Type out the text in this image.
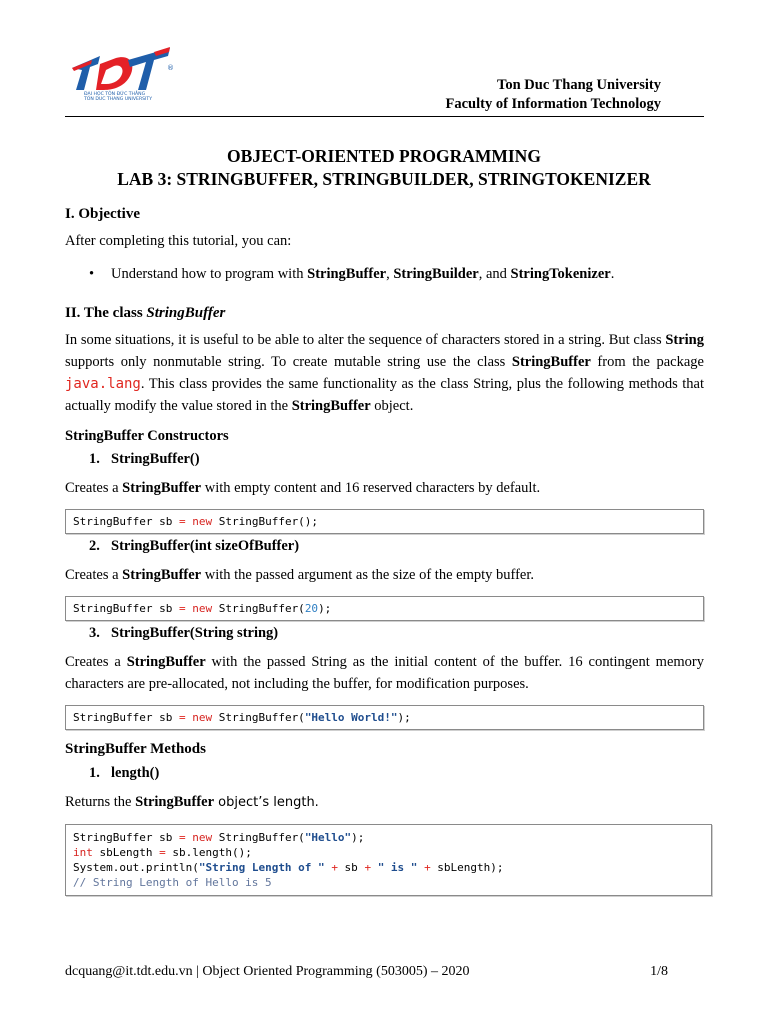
®
ĐẠI HỌC TÔN ĐỨC THẮNG
TON DUC THANG UNIVERSITY
Ton Duc Thang University
Faculty of Information Technology
OBJECT-ORIENTED PROGRAMMING
LAB 3: STRINGBUFFER, STRINGBUILDER, STRINGTOKENIZER
I. Objective
After completing this tutorial, you can:
• Understand how to program with StringBuffer, StringBuilder, and StringTokenizer.
II. The class StringBuffer
In some situations, it is useful to be able to alter the sequence of characters stored in a string. But class String supports only nonmutable string. To create mutable string use the class StringBuffer from the package java.lang. This class provides the same functionality as the class String, plus the following methods that actually modify the value stored in the StringBuffer object.
StringBuffer Constructors
1. StringBuffer()
Creates a StringBuffer with empty content and 16 reserved characters by default.
StringBuffer sb = new StringBuffer();
2. StringBuffer(int sizeOfBuffer)
Creates a StringBuffer with the passed argument as the size of the empty buffer.
StringBuffer sb = new StringBuffer(20);
3. StringBuffer(String string)
Creates a StringBuffer with the passed String as the initial content of the buffer. 16 contingent memory characters are pre-allocated, not including the buffer, for modification purposes.
StringBuffer sb = new StringBuffer("Hello World!");
StringBuffer Methods
1. length()
Returns the StringBuffer object’s length.
StringBuffer sb = new StringBuffer("Hello");
int sbLength = sb.length();
System.out.println("String Length of " + sb + " is " + sbLength);
// String Length of Hello is 5
dcquang@it.tdt.edu.vn | Object Oriented Programming (503005) – 2020	1/8
